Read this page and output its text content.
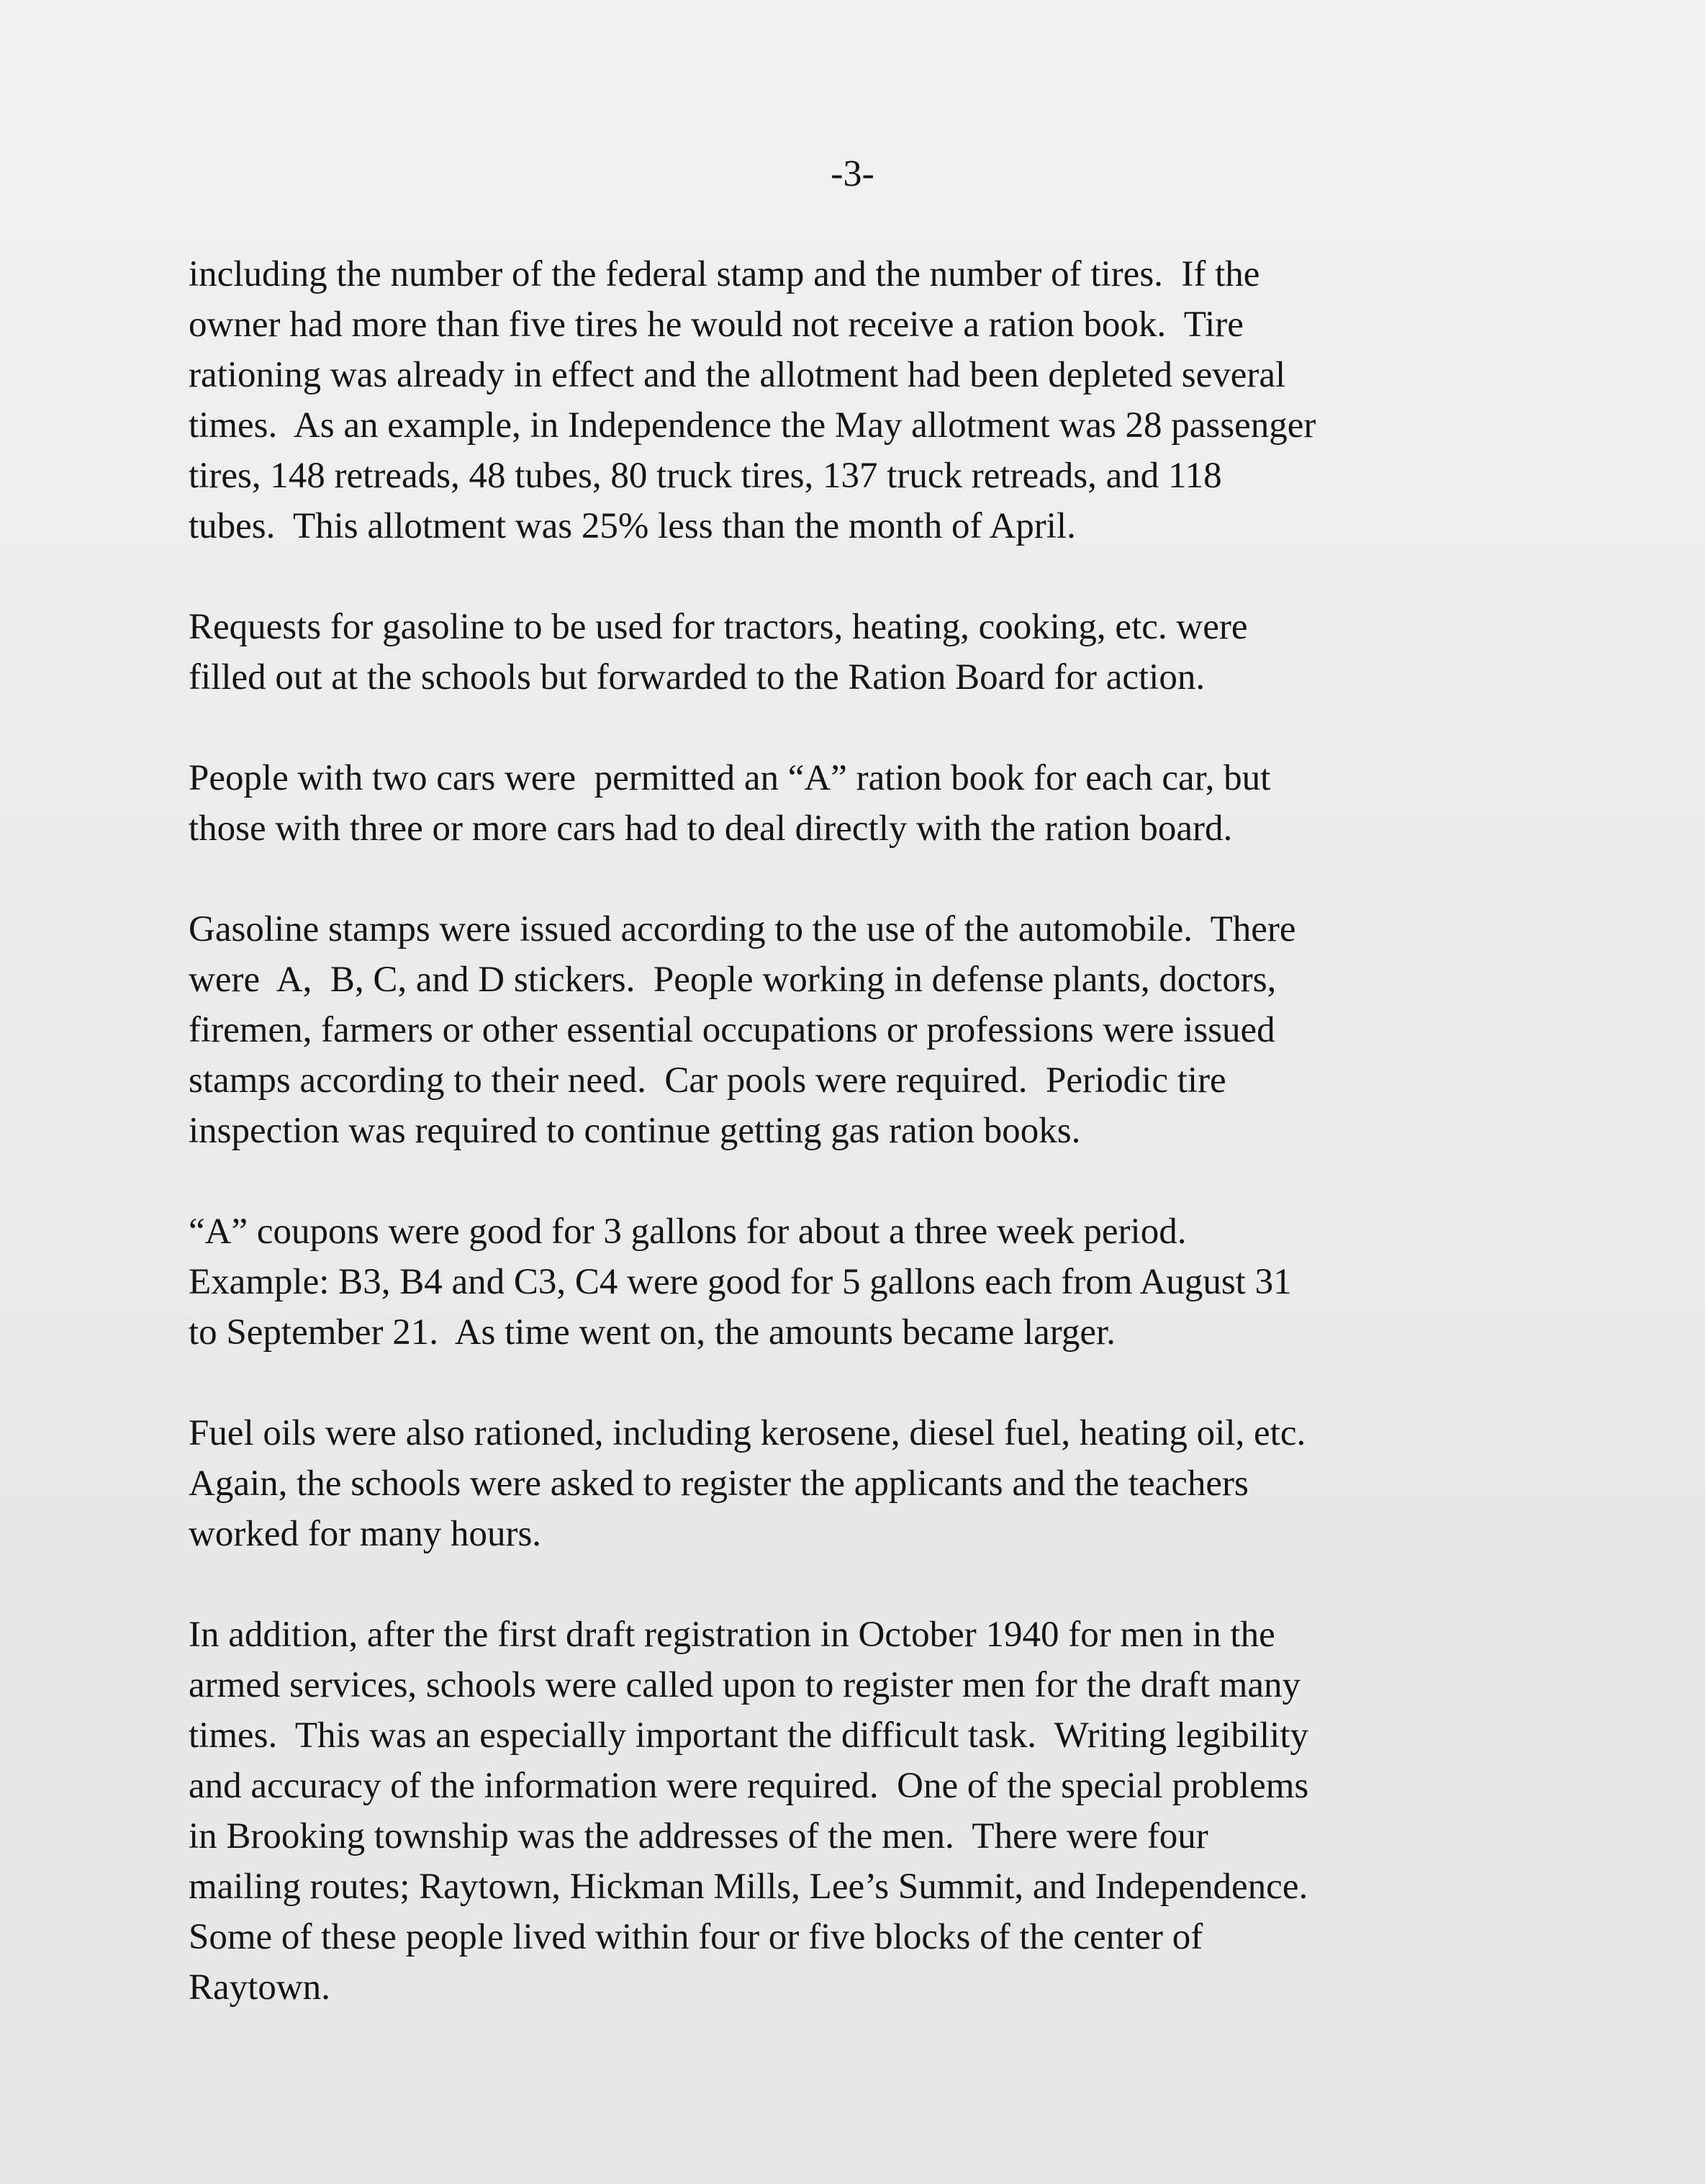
-3-
including the number of the federal stamp and the number of tires.  If the
owner had more than five tires he would not receive a ration book.  Tire
rationing was already in effect and the allotment had been depleted several
times.  As an example, in Independence the May allotment was 28 passenger
tires, 148 retreads, 48 tubes, 80 truck tires, 137 truck retreads, and 118
tubes.  This allotment was 25% less than the month of April.
Requests for gasoline to be used for tractors, heating, cooking, etc. were
filled out at the schools but forwarded to the Ration Board for action.
People with two cars were  permitted an “A” ration book for each car, but
those with three or more cars had to deal directly with the ration board.
Gasoline stamps were issued according to the use of the automobile.  There
were  A,  B, C, and D stickers.  People working in defense plants, doctors,
firemen, farmers or other essential occupations or professions were issued
stamps according to their need.  Car pools were required.  Periodic tire
inspection was required to continue getting gas ration books.
“A” coupons were good for 3 gallons for about a three week period.
Example: B3, B4 and C3, C4 were good for 5 gallons each from August 31
to September 21.  As time went on, the amounts became larger.
Fuel oils were also rationed, including kerosene, diesel fuel, heating oil, etc.
Again, the schools were asked to register the applicants and the teachers
worked for many hours.
In addition, after the first draft registration in October 1940 for men in the
armed services, schools were called upon to register men for the draft many
times.  This was an especially important the difficult task.  Writing legibility
and accuracy of the information were required.  One of the special problems
in Brooking township was the addresses of the men.  There were four
mailing routes; Raytown, Hickman Mills, Lee’s Summit, and Independence.
Some of these people lived within four or five blocks of the center of
Raytown.
